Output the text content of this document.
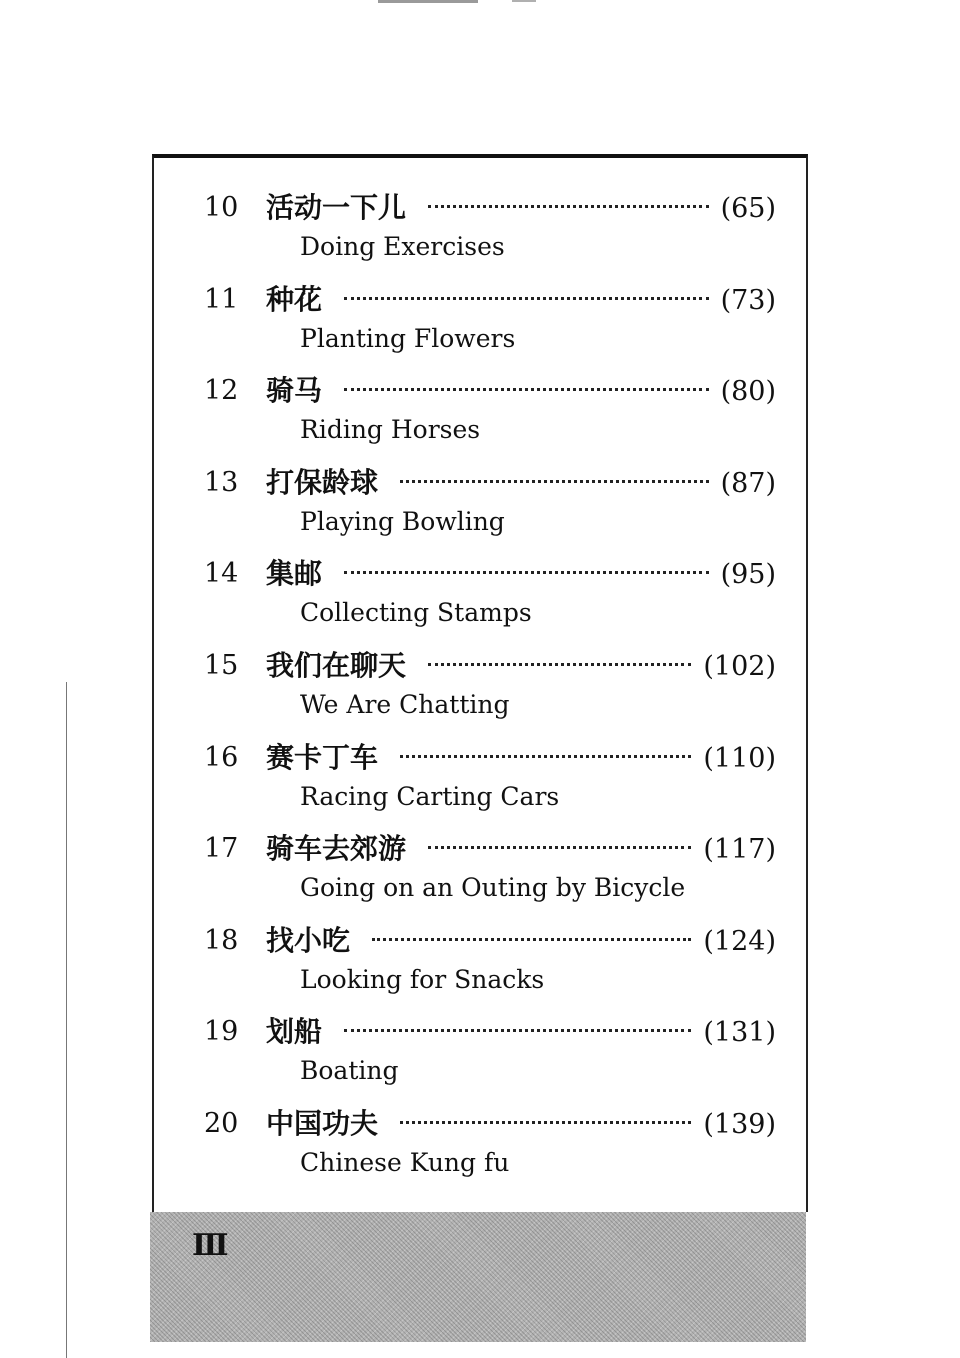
10 活动一下儿	(65)
Doing Exercises
11 种花	(73)
Planting Flowers
12 骑马	(80)
Riding Horses
13 打保龄球	(87)
Playing Bowling
14 集邮	(95)
Collecting Stamps
15 我们在聊天	(102)
We Are Chatting
16 赛卡丁车	(110)
Racing Carting Cars
17 骑车去郊游	(117)
Going on an Outing by Bicycle
18 找小吃	(124)
Looking for Snacks
19 划船	(131)
Boating
20 中国功夫	(139)
Chinese Kung fu
Ⅲ
